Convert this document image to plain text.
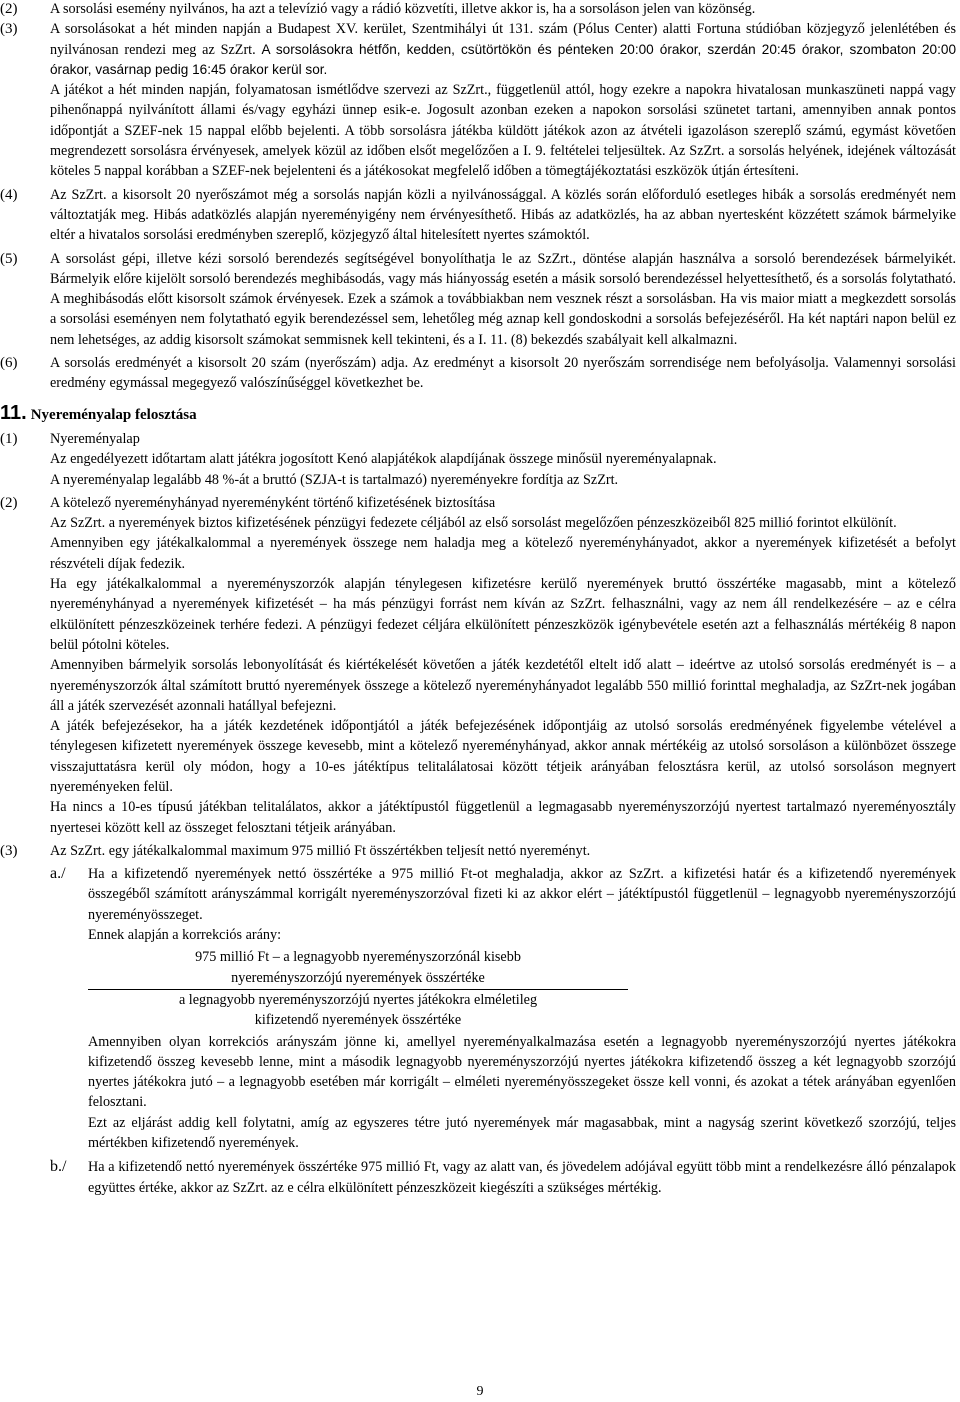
(2) A sorsolási esemény nyilvános, ha azt a televízió vagy a rádió közvetíti, illetve akkor is, ha a sorsoláson jelen van közönség.
(3) A sorsolásokat a hét minden napján a Budapest XV. kerület, Szentmihályi út 131. szám (Pólus Center) alatti Fortuna stúdióban közjegyző jelenlétében és nyilvánosan rendezi meg az SzZrt. A sorsolásokra hétfőn, kedden, csütörtökön és pénteken 20:00 órakor, szerdán 20:45 órakor, szombaton 20:00 órakor, vasárnap pedig 16:45 órakor kerül sor.
A játékot a hét minden napján, folyamatosan ismétlődve szervezi az SzZrt., függetlenül attól, hogy ezekre a napokra hivatalosan munkaszüneti nappá vagy pihenőnappá nyilvánított állami és/vagy egyházi ünnep esik-e. Jogosult azonban ezeken a napokon sorsolási szünetet tartani, amennyiben annak pontos időpontját a SZEF-nek 15 nappal előbb bejelenti. A több sorsolásra játékba küldött játékok azon az átvételi igazoláson szereplő számú, egymást követően megrendezett sorsolásra érvényesek, amelyek közül az időben elsőt megelőzően a I. 9. feltételei teljesültek. Az SzZrt. a sorsolás helyének, idejének változását köteles 5 nappal korábban a SZEF-nek bejelenteni és a játékosokat megfelelő időben a tömegtájékoztatási eszközök útján értesíteni.
(4) Az SzZrt. a kisorsolt 20 nyerőszámot még a sorsolás napján közli a nyilvánossággal. A közlés során előforduló esetleges hibák a sorsolás eredményét nem változtatják meg. Hibás adatközlés alapján nyereményigény nem érvényesíthető. Hibás az adatközlés, ha az abban nyertesként közzétett számok bármelyike eltér a hivatalos sorsolási eredményben szereplő, közjegyző által hitelesített nyertes számoktól.
(5) A sorsolást gépi, illetve kézi sorsoló berendezés segítségével bonyolíthatja le az SzZrt., döntése alapján használva a sorsoló berendezések bármelyikét. Bármelyik előre kijelölt sorsoló berendezés meghibásodás, vagy más hiányosság esetén a másik sorsoló berendezéssel helyettesíthető, és a sorsolás folytatható. A meghibásodás előtt kisorsolt számok érvényesek. Ezek a számok a továbbiakban nem vesznek részt a sorsolásban. Ha vis maior miatt a megkezdett sorsolás a sorsolási eseményen nem folytatható egyik berendezéssel sem, lehetőleg még aznap kell gondoskodni a sorsolás befejezéséről. Ha két naptári napon belül ez nem lehetséges, az addig kisorsolt számokat semmisnek kell tekinteni, és a I. 11. (8) bekezdés szabályait kell alkalmazni.
(6) A sorsolás eredményét a kisorsolt 20 szám (nyerőszám) adja. Az eredményt a kisorsolt 20 nyerőszám sorrendisége nem befolyásolja. Valamennyi sorsolási eredmény egymással megegyező valószínűséggel következhet be.
11. Nyereményalap felosztása
(1) Nyereményalap
Az engedélyezett időtartam alatt játékra jogosított Kenó alapjátékok alapdíjának összege minősül nyereményalapnak.
A nyereményalap legalább 48 %-át a bruttó (SZJA-t is tartalmazó) nyereményekre fordítja az SzZrt.
(2) A kötelező nyereményhányad nyereményként történő kifizetésének biztosítása
Az SzZrt. a nyeremények biztos kifizetésének pénzügyi fedezete céljából az első sorsolást megelőzően pénzeszközeiből 825 millió forintot elkülönít.
Amennyiben egy játékalkalommal a nyeremények összege nem haladja meg a kötelező nyereményhányadot, akkor a nyeremények kifizetését a befolyt részvételi díjak fedezik.
Ha egy játékalkalommal a nyereményszorzók alapján ténylegesen kifizetésre kerülő nyeremények bruttó összértéke magasabb, mint a kötelező nyereményhányad a nyeremények kifizetését – ha más pénzügyi forrást nem kíván az SzZrt. felhasználni, vagy az nem áll rendelkezésére – az e célra elkülönített pénzeszközeinek terhére fedezi. A pénzügyi fedezet céljára elkülönített pénzeszközök igénybevétele esetén azt a felhasználás mértékéig 8 napon belül pótolni köteles.
Amennyiben bármelyik sorsolás lebonyolítását és kiértékelését követően a játék kezdetétől eltelt idő alatt – ideértve az utolsó sorsolás eredményét is – a nyereményszorzók által számított bruttó nyeremények összege a kötelező nyereményhányadot legalább 550 millió forinttal meghaladja, az SzZrt-nek jogában áll a játék szervezését azonnali hatállyal befejezni.
A játék befejezésekor, ha a játék kezdetének időpontjától a játék befejezésének időpontjáig az utolsó sorsolás eredményének figyelembe vételével a ténylegesen kifizetett nyeremények összege kevesebb, mint a kötelező nyereményhányad, akkor annak mértékéig az utolsó sorsoláson a különbözet összege visszajuttatásra kerül oly módon, hogy a 10-es játéktípus telitalálatosai között tétjeik arányában felosztásra kerül, az utolsó sorsoláson megnyert nyereményeken felül.
Ha nincs a 10-es típusú játékban telitalálatos, akkor a játéktípustól függetlenül a legmagasabb nyereményszorzójú nyertest tartalmazó nyereményosztály nyertesei között kell az összeget felosztani tétjeik arányában.
(3) Az SzZrt. egy játékalkalommal maximum 975 millió Ft összértékben teljesít nettó nyereményt.
a./ Ha a kifizetendő nyeremények nettó összértéke a 975 millió Ft-ot meghaladja, akkor az SzZrt. a kifizetési határ és a kifizetendő nyeremények összegéből számított arányszámmal korrigált nyereményszorzóval fizeti ki az akkor elért – játéktípustól függetlenül – legnagyobb nyereményszorzójú nyereményösszeget.
Ennek alapján a korrekciós arány:
975 millió Ft – a legnagyobb nyereményszorzónál kisebb
nyereményszorzójú nyeremények összértéke
a legnagyobb nyereményszorzójú nyertes játékokra elméletileg
kifizetendő nyeremények összértéke
Amennyiben olyan korrekciós arányszám jönne ki, amellyel nyereményalkalmazása esetén a legnagyobb nyereményszorzójú nyertes játékokra kifizetendő összeg kevesebb lenne, mint a második legnagyobb nyereményszorzójú nyertes játékokra kifizetendő összeg a két legnagyobb szorzójú nyertes játékokra jutó – a legnagyobb esetében már korrigált – elméleti nyereményösszegeket össze kell vonni, és azokat a tétek arányában egyenlően felosztani.
Ezt az eljárást addig kell folytatni, amíg az egyszeres tétre jutó nyeremények már magasabbak, mint a nagyság szerint következő szorzójú, teljes mértékben kifizetendő nyeremények.
b./ Ha a kifizetendő nettó nyeremények összértéke 975 millió Ft, vagy az alatt van, és jövedelem adójával együtt több mint a rendelkezésre álló pénzalapok együttes értéke, akkor az SzZrt. az e célra elkülönített pénzeszközeit kiegészíti a szükséges mértékig.
9
